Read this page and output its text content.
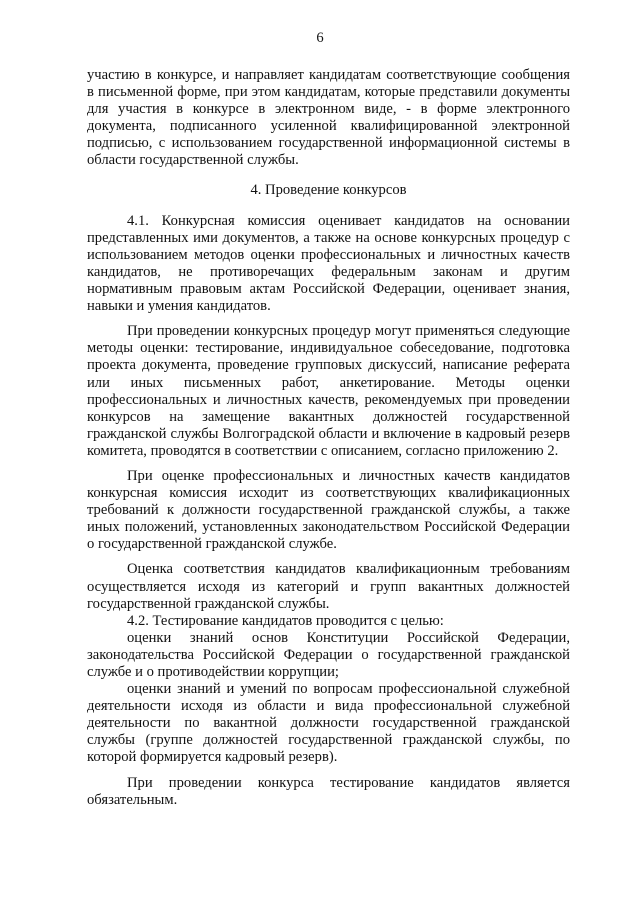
6

участию в конкурсе, и направляет кандидатам соответствующие сообщения в письменной форме, при этом кандидатам, которые представили документы для участия в конкурсе в электронном виде, - в форме электронного документа, подписанного усиленной квалифицированной электронной подписью, с использованием государственной информационной системы в области государственной службы.

4. Проведение конкурсов

4.1. Конкурсная комиссия оценивает кандидатов на основании представленных ими документов, а также на основе конкурсных процедур с использованием методов оценки профессиональных и личностных качеств кандидатов, не противоречащих федеральным законам и другим нормативным правовым актам Российской Федерации, оценивает знания, навыки и умения кандидатов.

При проведении конкурсных процедур могут применяться следующие методы оценки: тестирование, индивидуальное собеседование, подготовка проекта документа, проведение групповых дискуссий, написание реферата или иных письменных работ, анкетирование. Методы оценки профессиональных и личностных качеств, рекомендуемых при проведении конкурсов на замещение вакантных должностей государственной гражданской службы Волгоградской области и включение в кадровый резерв комитета, проводятся в соответствии с описанием, согласно приложению 2.

При оценке профессиональных и личностных качеств кандидатов конкурсная комиссия исходит из соответствующих квалификационных требований к должности государственной гражданской службы, а также иных положений, установленных законодательством Российской Федерации о государственной гражданской службе.

Оценка соответствия кандидатов квалификационным требованиям осуществляется исходя из категорий и групп вакантных должностей государственной гражданской службы.

4.2. Тестирование кандидатов проводится с целью:

оценки знаний основ Конституции Российской Федерации, законодательства Российской Федерации о государственной гражданской службе и о противодействии коррупции;

оценки знаний и умений по вопросам профессиональной служебной деятельности исходя из области и вида профессиональной служебной деятельности по вакантной должности государственной гражданской службы (группе должностей государственной гражданской службы, по которой формируется кадровый резерв).

При проведении конкурса тестирование кандидатов является обязательным.
